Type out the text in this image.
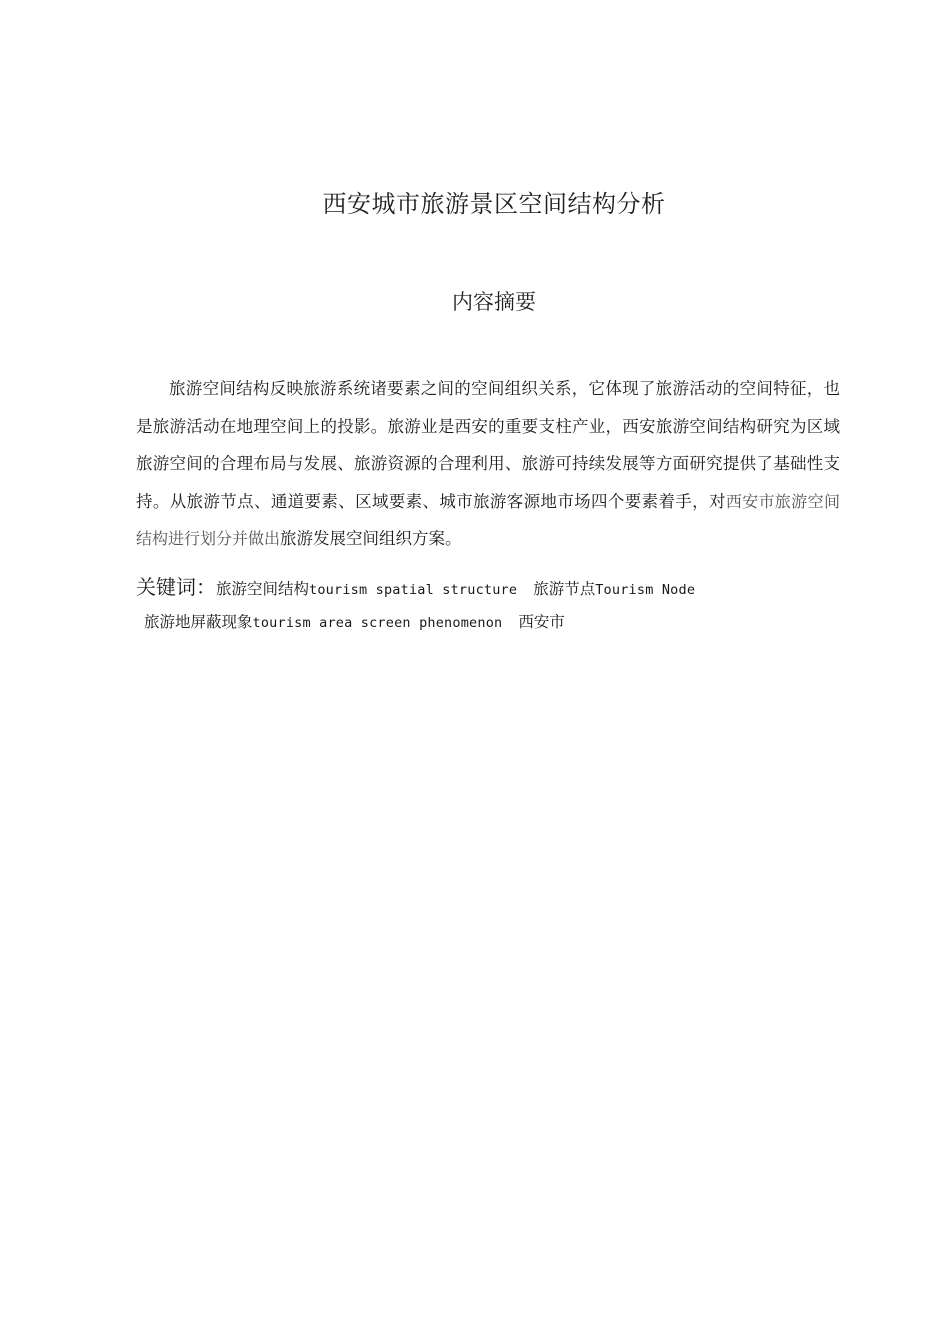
西安城市旅游景区空间结构分析
内容摘要

旅游空间结构反映旅游系统诸要素之间的空间组织关系，它体现了旅游活动的空间特征，也是旅游活动在地理空间上的投影。旅游业是西安的重要支柱产业，西安旅游空间结构研究为区域旅游空间的合理布局与发展、旅游资源的合理利用、旅游可持续发展等方面研究提供了基础性支持。从旅游节点、通道要素、区域要素、城市旅游客源地市场四个要素着手，对西安市旅游空间结构进行划分并做出旅游发展空间组织方案。

关键词：旅游空间结构tourism spatial structure 旅游节点Tourism Node
旅游地屏蔽现象tourism area screen phenomenon 西安市
